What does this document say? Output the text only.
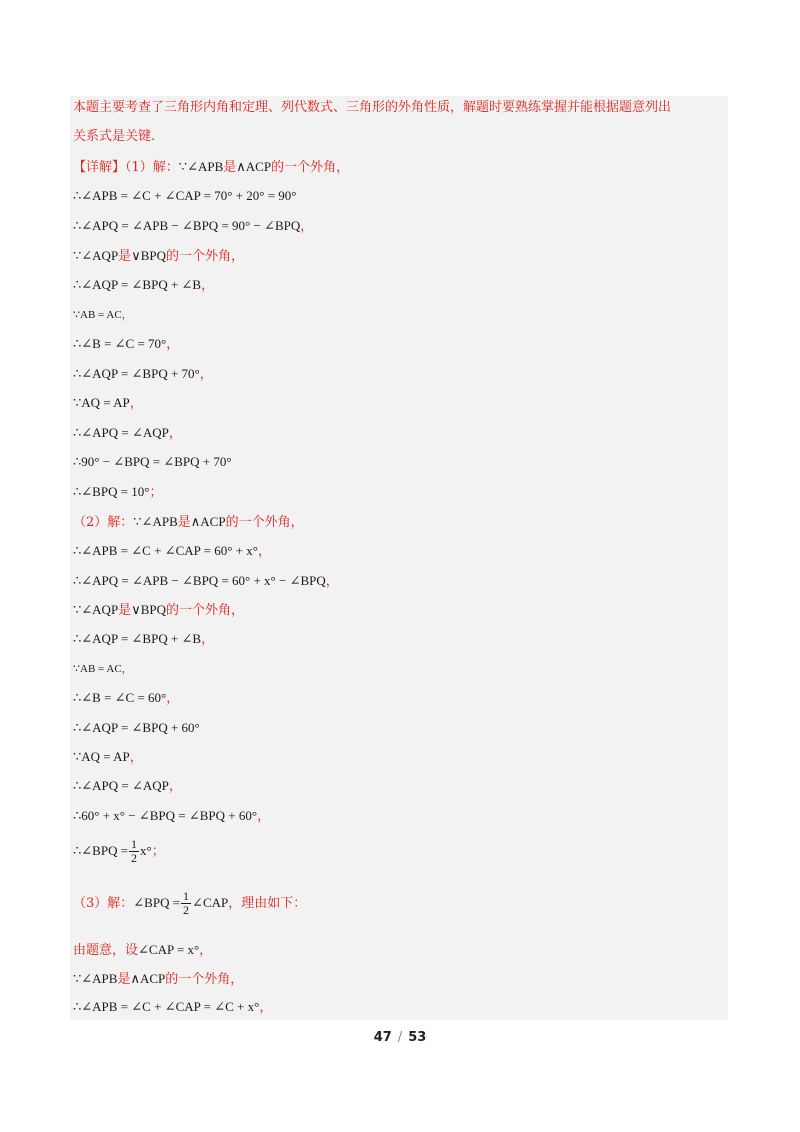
本题主要考查了三角形内角和定理、列代数式、三角形的外角性质，解题时要熟练掌握并能根据题意列出
关系式是关键.
【详解】（1）解：∵∠APB是∧ACP的一个外角，
∴∠APB = ∠C + ∠CAP = 70° + 20° = 90°
∴∠APQ = ∠APB − ∠BPQ = 90° − ∠BPQ，
∵∠AQP是∨BPQ的一个外角，
∴∠AQP = ∠BPQ + ∠B，
∵AB = AC，
∴∠B = ∠C = 70°，
∴∠AQP = ∠BPQ + 70°，
∵AQ = AP，
∴∠APQ = ∠AQP，
∴90° − ∠BPQ = ∠BPQ + 70°
∴∠BPQ = 10°；
（2）解：∵∠APB是∧ACP的一个外角，
∴∠APB = ∠C + ∠CAP = 60° + x°，
∴∠APQ = ∠APB − ∠BPQ = 60° + x° − ∠BPQ，
∵∠AQP是∨BPQ的一个外角，
∴∠AQP = ∠BPQ + ∠B，
∵AB = AC，
∴∠B = ∠C = 60°，
∴∠AQP = ∠BPQ + 60°
∵AQ = AP，
∴∠APQ = ∠AQP，
∴60° + x° − ∠BPQ = ∠BPQ + 60°，
∴∠BPQ = $\frac{1}{2} x^\circ$；
（3）解：∠BPQ = $\frac{1}{2}$ ∠CAP，理由如下：
由题意，设∠CAP = x°，
∵∠APB是∧ACP的一个外角，
∴∠APB = ∠C + ∠CAP = ∠C + x°，
47 / 53
